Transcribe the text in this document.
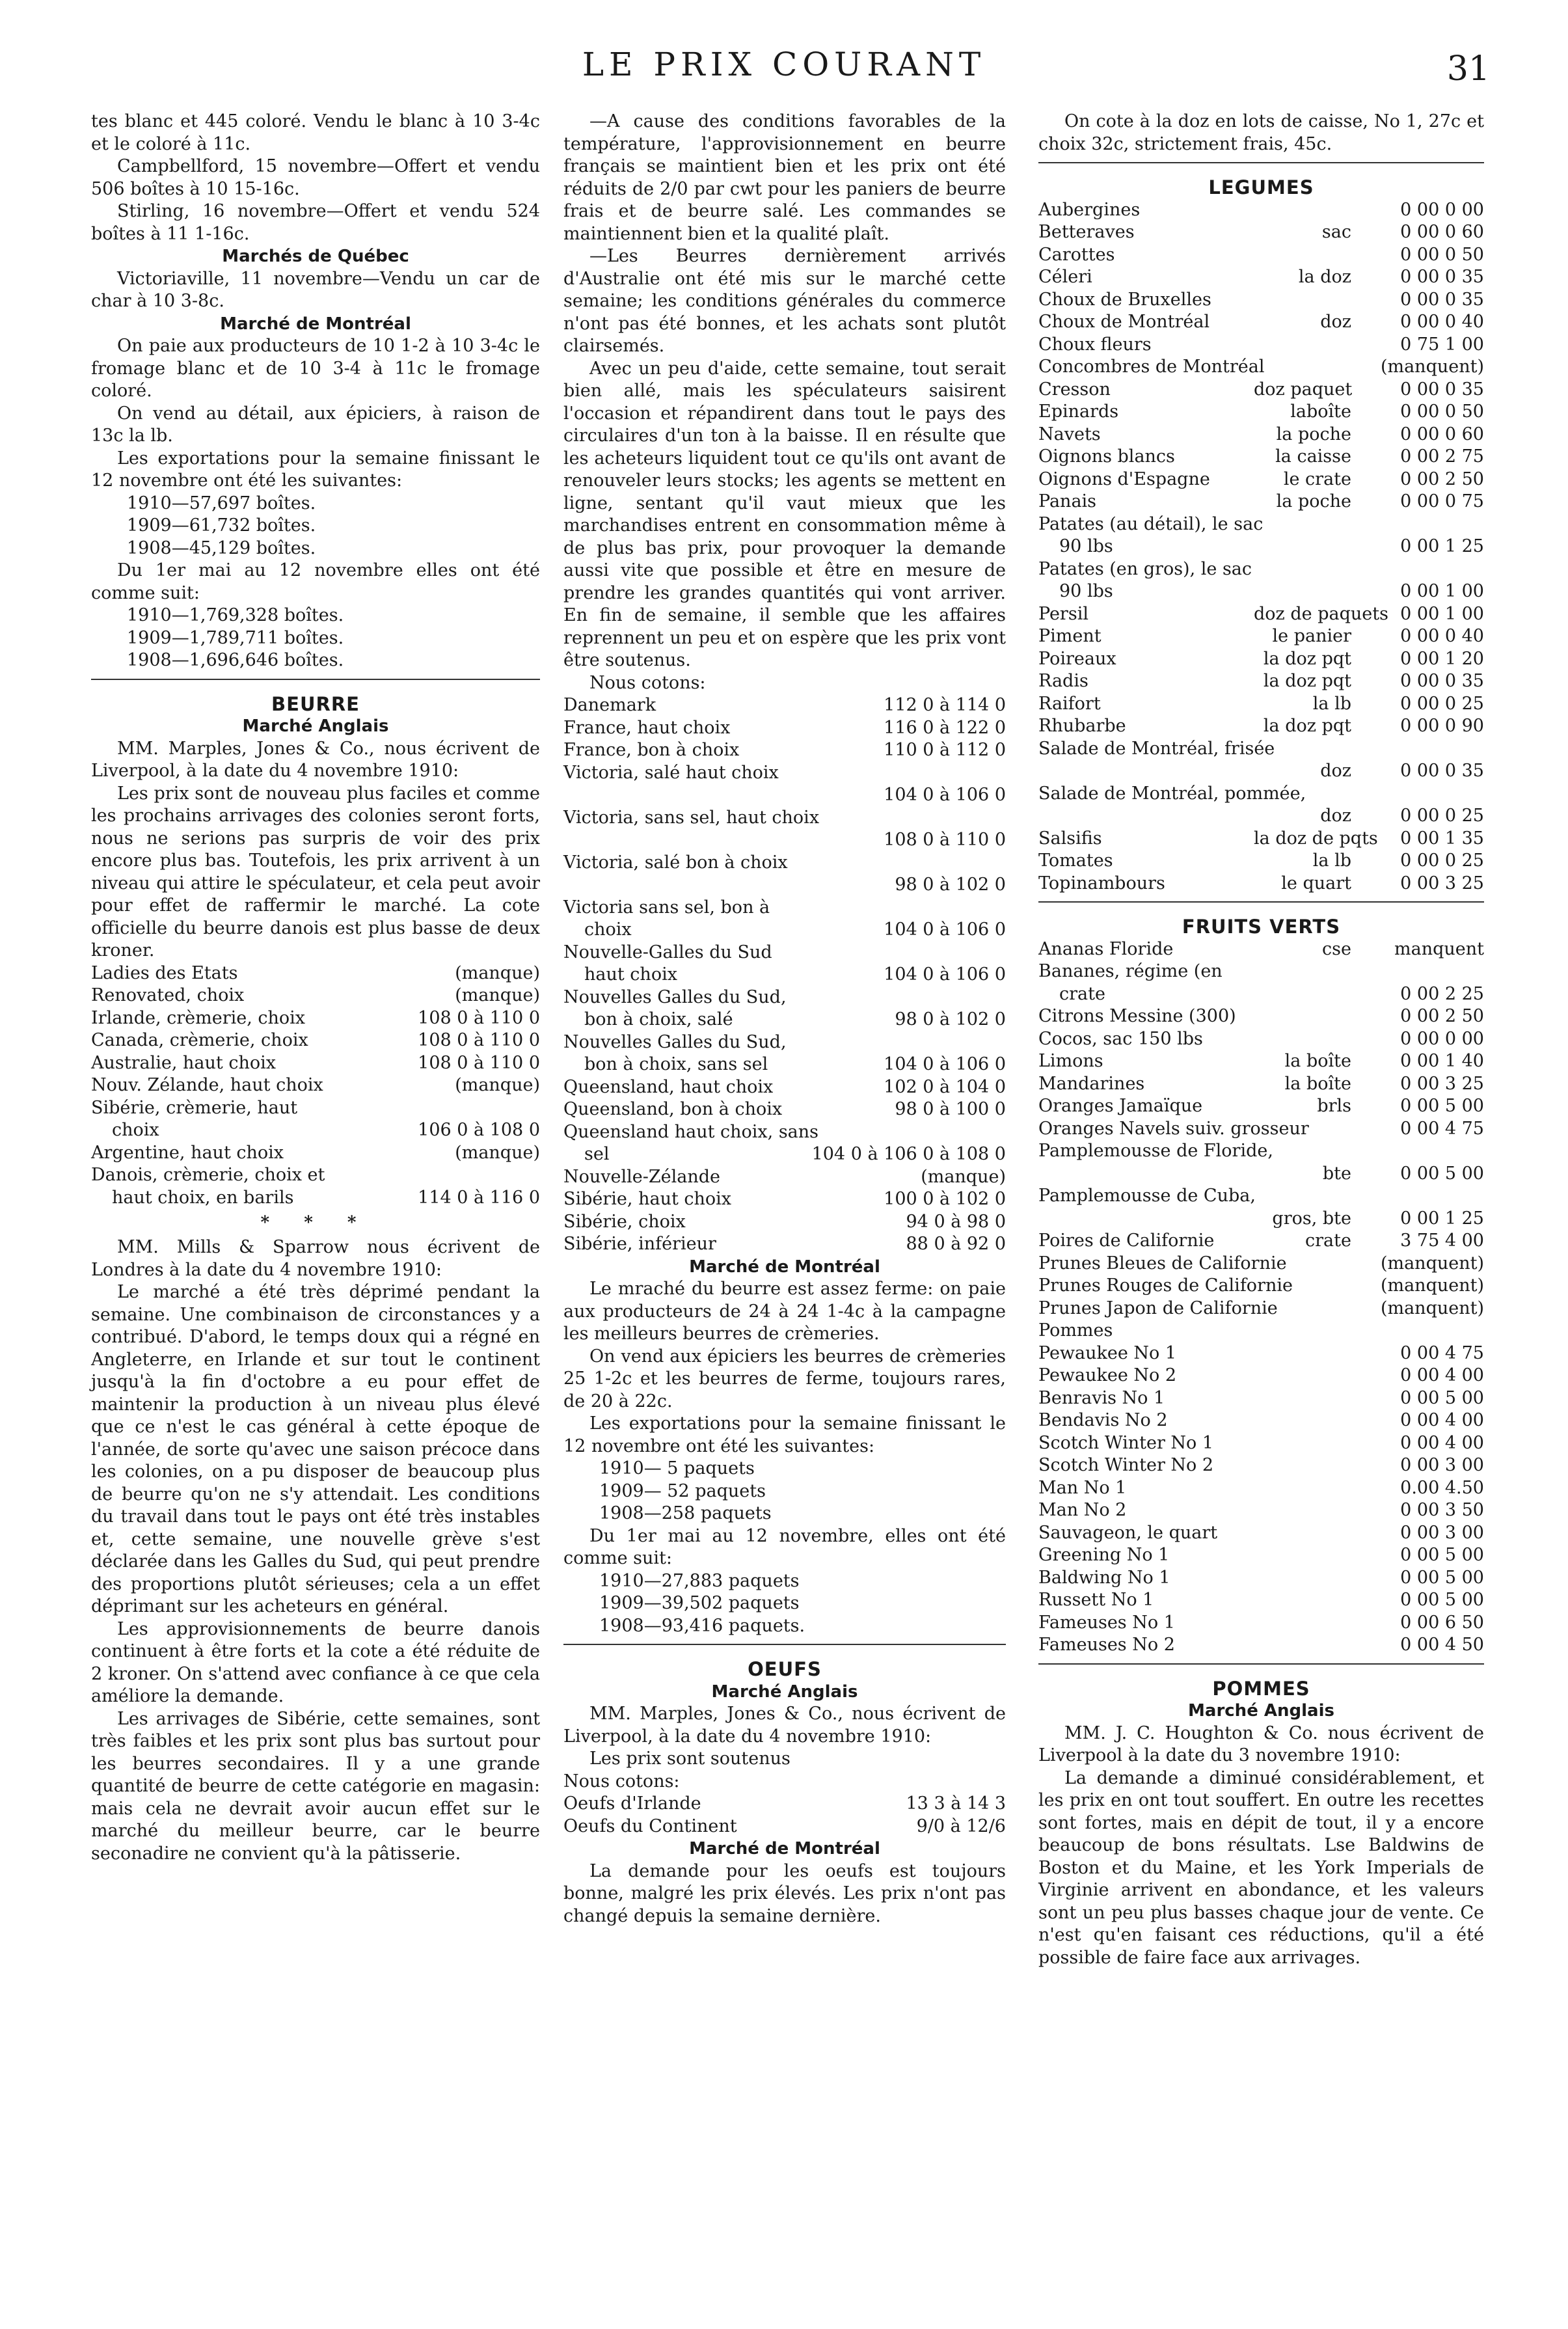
LE PRIX COURANT	31

tes blanc et 445 coloré. Vendu le blanc à 10 3-4c et le coloré à 11c.

Campbellford, 15 novembre—Offert et vendu 506 boîtes à 10 15-16c.

Stirling, 16 novembre—Offert et vendu 524 boîtes à 11 1-16c.

Marchés de Québec

Victoriaville, 11 novembre—Vendu un car de char à 10 3-8c.

Marché de Montréal

On paie aux producteurs de 10 1-2 à 10 3-4c le fromage blanc et de 10 3-4 à 11c le fromage coloré.

On vend au détail, aux épiciers, à raison de 13c la lb.

Les exportations pour la semaine finissant le 12 novembre ont été les suivantes:

1910—57,697 boîtes.

1909—61,732 boîtes.

1908—45,129 boîtes.

Du 1er mai au 12 novembre elles ont été comme suit:

1910—1,769,328 boîtes.

1909—1,789,711 boîtes.

1908—1,696,646 boîtes.

BEURRE
Marché Anglais

MM. Marples, Jones & Co., nous écrivent de Liverpool, à la date du 4 novembre 1910:

Les prix sont de nouveau plus faciles et comme les prochains arrivages des colonies seront forts, nous ne serions pas surpris de voir des prix encore plus bas. Toutefois, les prix arrivent à un niveau qui attire le spéculateur, et cela peut avoir pour effet de raffermir le marché. La cote officielle du beurre danois est plus basse de deux kroner.

Ladies des Etats	(manque)
Renovated, choix	(manque)
Irlande, crèmerie, choix	108 0 à 110 0
Canada, crèmerie, choix	108 0 à 110 0
Australie, haut choix	108 0 à 110 0
Nouv. Zélande, haut choix	(manque)
Sibérie, crèmerie, haut
choix	106 0 à 108 0
Argentine, haut choix	(manque)
Danois, crèmerie, choix et
haut choix, en barils	114 0 à 116 0
* * *

MM. Mills & Sparrow nous écrivent de Londres à la date du 4 novembre 1910:

Le marché a été très déprimé pendant la semaine. Une combinaison de circonstances y a contribué. D'abord, le temps doux qui a régné en Angleterre, en Irlande et sur tout le continent jusqu'à la fin d'octobre a eu pour effet de maintenir la production à un niveau plus élevé que ce n'est le cas général à cette époque de l'année, de sorte qu'avec une saison précoce dans les colonies, on a pu disposer de beaucoup plus de beurre qu'on ne s'y attendait. Les conditions du travail dans tout le pays ont été très instables et, cette semaine, une nouvelle grève s'est déclarée dans les Galles du Sud, qui peut prendre des proportions plutôt sérieuses; cela a un effet déprimant sur les acheteurs en général.

Les approvisionnements de beurre danois continuent à être forts et la cote a été réduite de 2 kroner. On s'attend avec confiance à ce que cela améliore la demande.

Les arrivages de Sibérie, cette semaines, sont très faibles et les prix sont plus bas surtout pour les beurres secondaires. Il y a une grande quantité de beurre de cette catégorie en magasin: mais cela ne devrait avoir aucun effet sur le marché du meilleur beurre, car le beurre seconadire ne convient qu'à la pâtisserie.

—A cause des conditions favorables de la température, l'approvisionnement en beurre français se maintient bien et les prix ont été réduits de 2/0 par cwt pour les paniers de beurre frais et de beurre salé. Les commandes se maintiennent bien et la qualité plaît.

—Les Beurres dernièrement arrivés d'Australie ont été mis sur le marché cette semaine; les conditions générales du commerce n'ont pas été bonnes, et les achats sont plutôt clairsemés.

Avec un peu d'aide, cette semaine, tout serait bien allé, mais les spéculateurs saisirent l'occasion et répandirent dans tout le pays des circulaires d'un ton à la baisse. Il en résulte que les acheteurs liquident tout ce qu'ils ont avant de renouveler leurs stocks; les agents se mettent en ligne, sentant qu'il vaut mieux que les marchandises entrent en consommation même à de plus bas prix, pour provoquer la demande aussi vite que possible et être en mesure de prendre les grandes quantités qui vont arriver. En fin de semaine, il semble que les affaires reprennent un peu et on espère que les prix vont être soutenus.

Nous cotons:

Danemark	112 0 à 114 0
France, haut choix	116 0 à 122 0
France, bon à choix	110 0 à 112 0
Victoria, salé haut choix
104 0 à 106 0
Victoria, sans sel, haut choix
108 0 à 110 0
Victoria, salé bon à choix
98 0 à 102 0
Victoria sans sel, bon à
choix	104 0 à 106 0
Nouvelle-Galles du Sud
haut choix	104 0 à 106 0
Nouvelles Galles du Sud,
bon à choix, salé	98 0 à 102 0
Nouvelles Galles du Sud,
bon à choix, sans sel	104 0 à 106 0
Queensland, haut choix	102 0 à 104 0
Queensland, bon à choix	98 0 à 100 0
Queensland haut choix, sans
sel	104 0 à 106 0 à 108 0
Nouvelle-Zélande	(manque)
Sibérie, haut choix	100 0 à 102 0
Sibérie, choix	94 0 à 98 0
Sibérie, inférieur	88 0 à 92 0
Marché de Montréal

Le mraché du beurre est assez ferme: on paie aux producteurs de 24 à 24 1-4c à la campagne les meilleurs beurres de crèmeries.

On vend aux épiciers les beurres de crèmeries 25 1-2c et les beurres de ferme, toujours rares, de 20 à 22c.

Les exportations pour la semaine finissant le 12 novembre ont été les suivantes:

1910— 5 paquets

1909— 52 paquets

1908—258 paquets

Du 1er mai au 12 novembre, elles ont été comme suit:

1910—27,883 paquets

1909—39,502 paquets

1908—93,416 paquets.

OEUFS
Marché Anglais

MM. Marples, Jones & Co., nous écrivent de Liverpool, à la date du 4 novembre 1910:

Les prix sont soutenus

Nous cotons:

Oeufs d'Irlande	13 3 à 14 3
Oeufs du Continent	9/0 à 12/6
Marché de Montréal

La demande pour les oeufs est toujours bonne, malgré les prix élevés. Les prix n'ont pas changé depuis la semaine dernière.

On cote à la doz en lots de caisse, No 1, 27c et choix 32c, strictement frais, 45c.

LEGUMES
Aubergines	0 00 0 00
Betteraves	sac	0 00 0 60
Carottes	0 00 0 50
Céleri	la doz	0 00 0 35
Choux de Bruxelles	0 00 0 35
Choux de Montréal	doz	0 00 0 40
Choux fleurs	0 75 1 00
Concombres de Montréal	(manquent)
Cresson	doz paquet	0 00 0 35
Epinards	laboîte	0 00 0 50
Navets	la poche	0 00 0 60
Oignons blancs	la caisse	0 00 2 75
Oignons d'Espagne	le crate	0 00 2 50
Panais	la poche	0 00 0 75
Patates (au détail), le sac
90 lbs	0 00 1 25
Patates (en gros), le sac
90 lbs	0 00 1 00
Persil	doz de paquets 0 00 1 00
Piment	le panier	0 00 0 40
Poireaux	la doz pqt	0 00 1 20
Radis	la doz pqt	0 00 0 35
Raifort	la lb	0 00 0 25
Rhubarbe	la doz pqt	0 00 0 90
Salade de Montréal, frisée
doz	0 00 0 35
Salade de Montréal, pommée,
doz	0 00 0 25
Salsifis	la doz de pqts	0 00 1 35
Tomates	la lb	0 00 0 25
Topinambours	le quart	0 00 3 25
FRUITS VERTS
Ananas Floride	cse	manquent
Bananes, régime (en
crate	0 00 2 25
Citrons Messine (300)	0 00 2 50
Cocos, sac 150 lbs	0 00 0 00
Limons	la boîte	0 00 1 40
Mandarines	la boîte	0 00 3 25
Oranges Jamaïque	brls	0 00 5 00
Oranges Navels suiv. grosseur	0 00 4 75
Pamplemousse de Floride,
bte	0 00 5 00
Pamplemousse de Cuba,
gros, bte	0 00 1 25
Poires de Californie	crate	3 75 4 00
Prunes Bleues de Californie	(manquent)
Prunes Rouges de Californie	(manquent)
Prunes Japon de Californie	(manquent)
Pommes
Pewaukee No 1	0 00 4 75
Pewaukee No 2	0 00 4 00
Benravis No 1	0 00 5 00
Bendavis No 2	0 00 4 00
Scotch Winter No 1	0 00 4 00
Scotch Winter No 2	0 00 3 00
Man No 1	0.00 4.50
Man No 2	0 00 3 50
Sauvageon, le quart	0 00 3 00
Greening No 1	0 00 5 00
Baldwing No 1	0 00 5 00
Russett No 1	0 00 5 00
Fameuses No 1	0 00 6 50
Fameuses No 2	0 00 4 50
POMMES
Marché Anglais

MM. J. C. Houghton & Co. nous écrivent de Liverpool à la date du 3 novembre 1910:

La demande a diminué considérablement, et les prix en ont tout souffert. En outre les recettes sont fortes, mais en dépit de tout, il y a encore beaucoup de bons résultats. Lse Baldwins de Boston et du Maine, et les York Imperials de Virginie arrivent en abondance, et les valeurs sont un peu plus basses chaque jour de vente. Ce n'est qu'en faisant ces réductions, qu'il a été possible de faire face aux arrivages.
